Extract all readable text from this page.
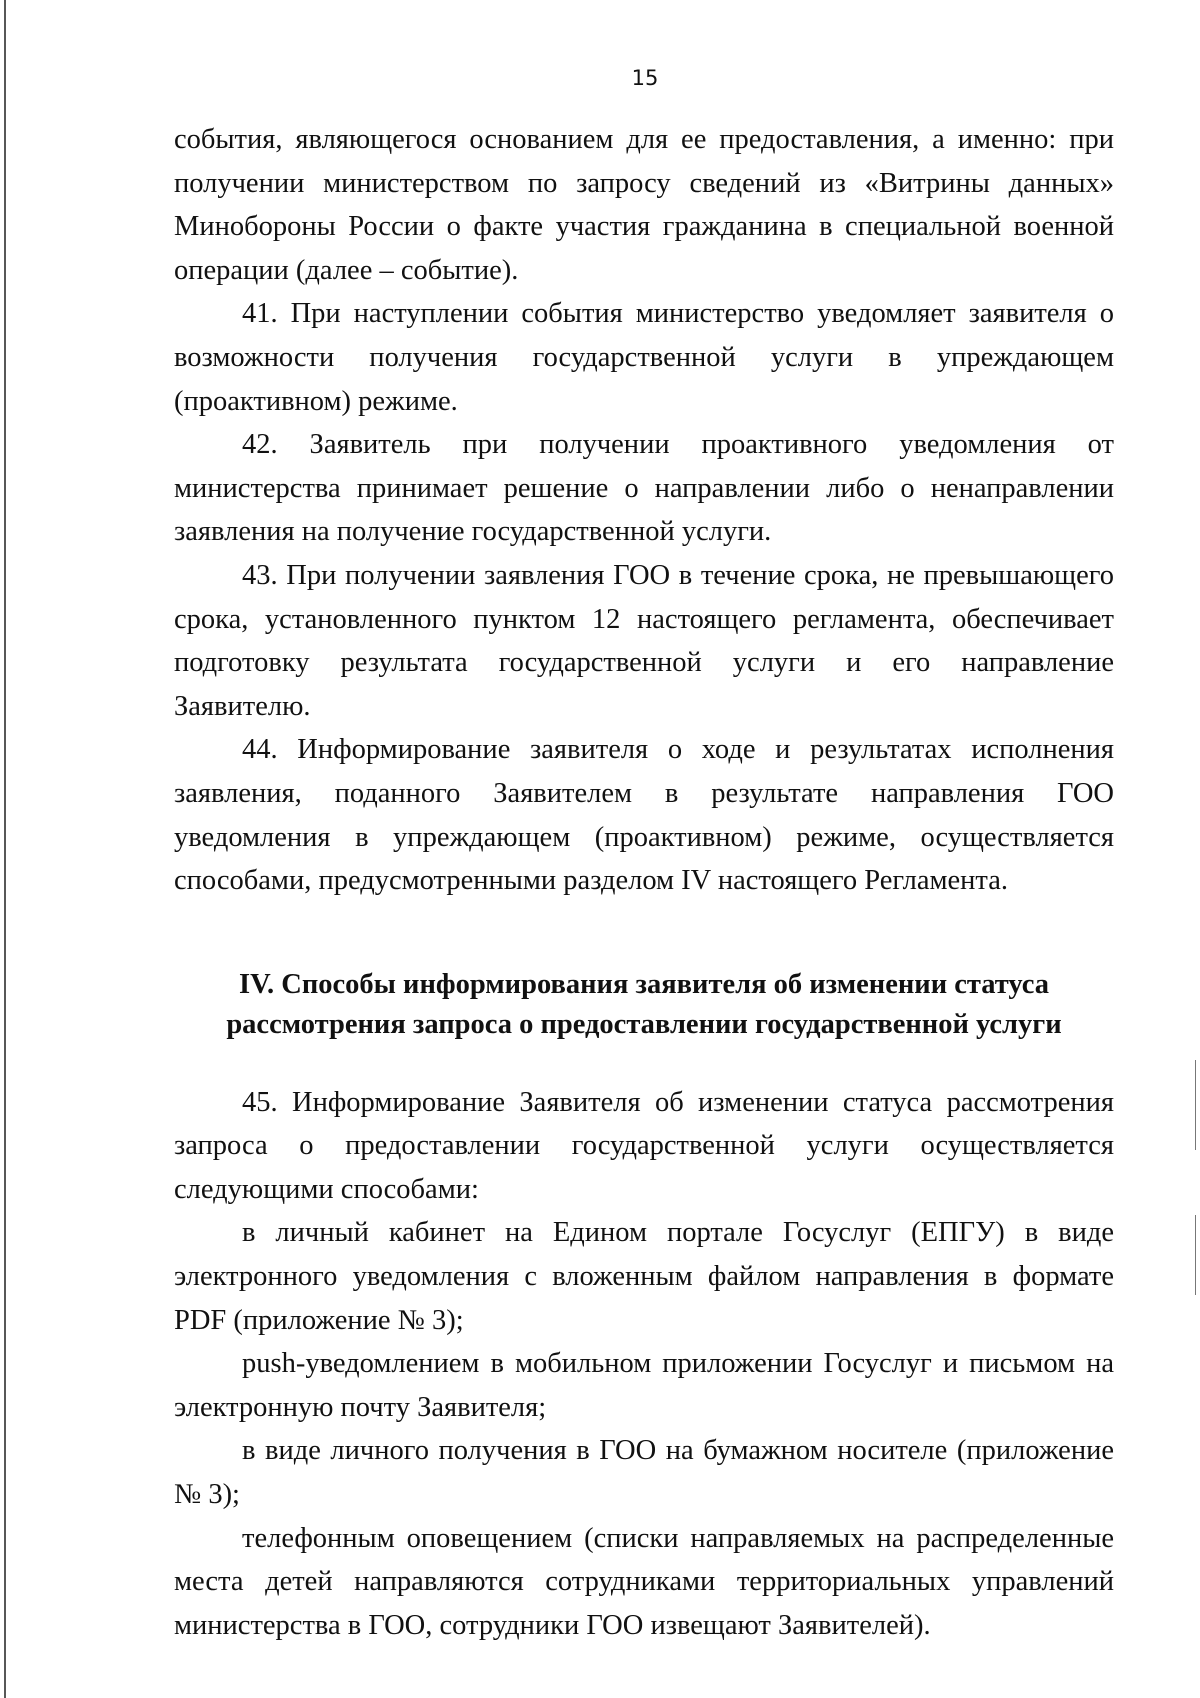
15

события, являющегося основанием для ее предоставления, а именно: при получении министерством по запросу сведений из «Витрины данных» Минобороны России о факте участия гражданина в специальной военной операции (далее – событие).

41. При наступлении события министерство уведомляет заявителя о возможности получения государственной услуги в упреждающем (проактивном) режиме.

42. Заявитель при получении проактивного уведомления от министерства принимает решение о направлении либо о ненаправлении заявления на получение государственной услуги.

43. При получении заявления ГОО в течение срока, не превышающего срока, установленного пунктом 12 настоящего регламента, обеспечивает подготовку результата государственной услуги и его направление Заявителю.

44. Информирование заявителя о ходе и результатах исполнения заявления, поданного Заявителем в результате направления ГОО уведомления в упреждающем (проактивном) режиме, осуществляется способами, предусмотренными разделом IV настоящего Регламента.

IV. Способы информирования заявителя об изменении статуса
рассмотрения запроса о предоставлении государственной услуги

45. Информирование Заявителя об изменении статуса рассмотрения запроса о предоставлении государственной услуги осуществляется следующими способами:

в личный кабинет на Едином портале Госуслуг (ЕПГУ) в виде электронного уведомления с вложенным файлом направления в формате PDF (приложение № 3);

push-уведомлением в мобильном приложении Госуслуг и письмом на электронную почту Заявителя;

в виде личного получения в ГОО на бумажном носителе (приложение № 3);

телефонным оповещением (списки направляемых на распределенные места детей направляются сотрудниками территориальных управлений министерства в ГОО, сотрудники ГОО извещают Заявителей).
